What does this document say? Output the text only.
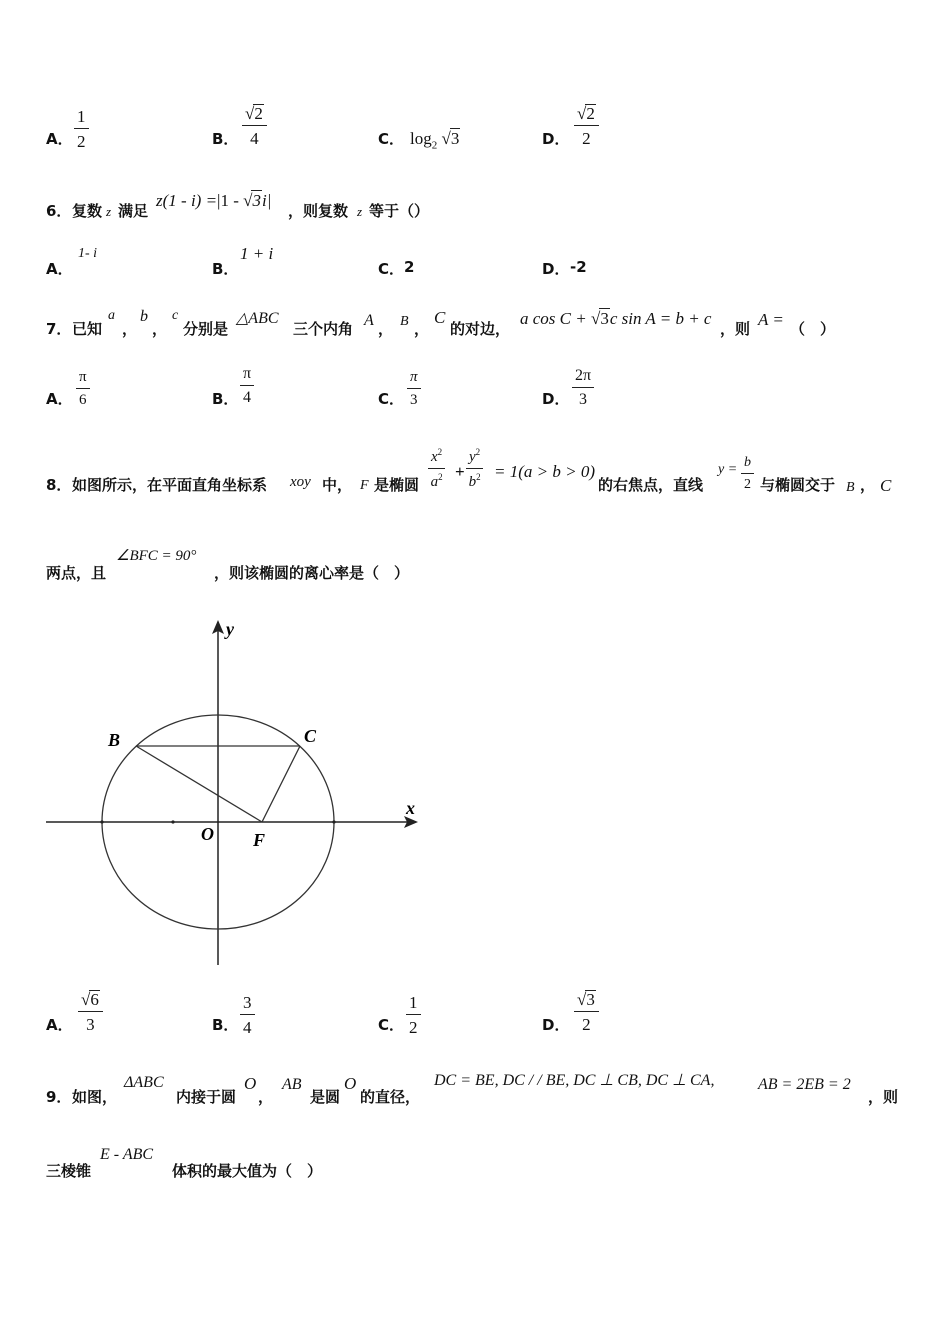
A． $\frac{1}{2}$	B． $\frac{√2}{4}$	C． $\log_2 √3$	D． $\frac{√2}{2}$
6． 复数 z 满足
z(1 - i) =|1 - √3i|
，则复数 z 等于（）
A．
1- i
B．
1 + i
C． 2	D． -2
7． 已知
a
，
b
，
c
分别是
△ABC
三个内角 A ， B ，
C
的对边，
a cos C + √3c sin A = b + c
，则 A = （　）
A． $\frac{\pi}{6}$	B． $\frac{\pi}{4}$	C． $\frac{\pi}{3}$	D． $\frac{2\pi}{3}$
8． 如图所示，在平面直角坐标系 xoy 中， F 是椭圆 $\frac{x^2}{a^2} + \frac{y^2}{b^2} = 1(a > b > 0)$
的右焦点，直线
$y = \frac{b}{2}$ 与椭圆交于 B ， C
两点，且
∠BFC = 90°
，则该椭圆的离心率是（　）
y
x
O F
B	C
A． $\frac{√6}{3}$	B． $\frac{3}{4}$	C． $\frac{1}{2}$	D． $\frac{√3}{2}$
9． 如图，
ΔABC
内接于圆
O
，
AB
是圆
O
的直径，
DC = BE, DC / / BE, DC ⊥ CB, DC ⊥ CA,	AB = 2EB = 2
，则
三棱锥
E - ABC
体积的最大值为（　）
